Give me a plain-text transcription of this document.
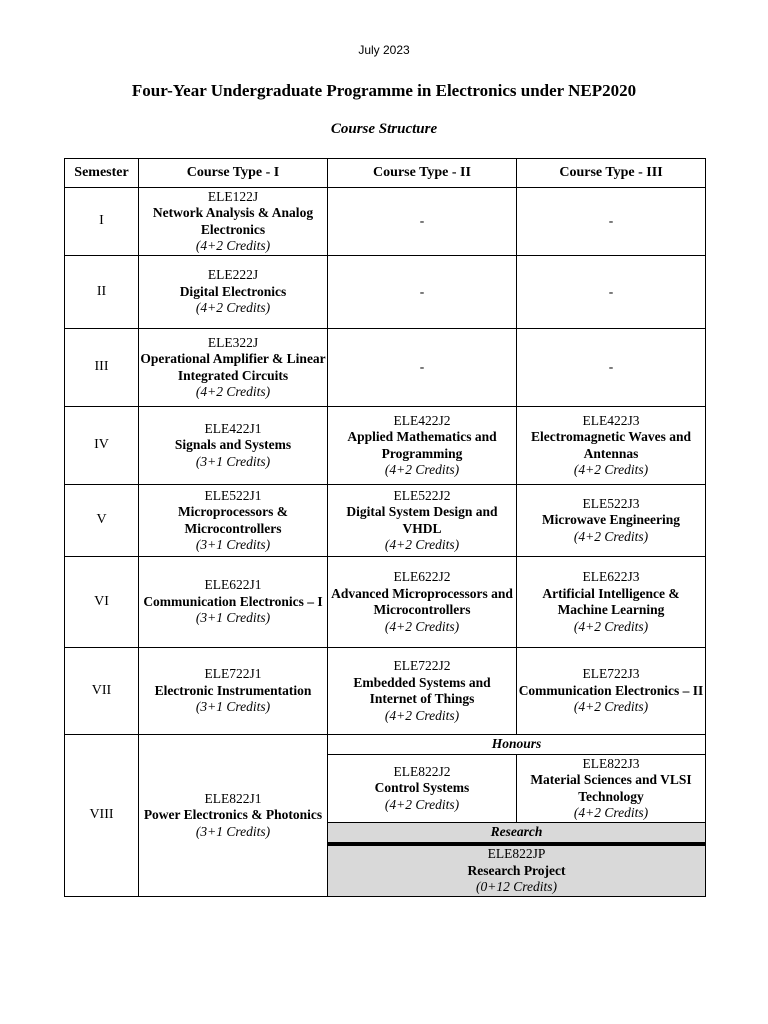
July 2023
Four-Year Undergraduate Programme in Electronics under NEP2020
Course Structure
Semester	Course Type - I	Course Type - II	Course Type - III
I	ELE122J
Network Analysis & Analog Electronics
(4+2 Credits)	-	-
II	ELE222J
Digital Electronics
(4+2 Credits)	-	-
III	ELE322J
Operational Amplifier & Linear Integrated Circuits
(4+2 Credits)	-	-
IV	ELE422J1
Signals and Systems
(3+1 Credits)	ELE422J2
Applied Mathematics and Programming
(4+2 Credits)	ELE422J3
Electromagnetic Waves and Antennas
(4+2 Credits)

V	ELE522J1
Microprocessors & Microcontrollers
(3+1 Credits)	ELE522J2
Digital System Design and VHDL
(4+2 Credits)	ELE522J3
Microwave Engineering
(4+2 Credits)

VI	ELE622J1
Communication Electronics – I
(3+1 Credits)	ELE622J2
Advanced Microprocessors and Microcontrollers
(4+2 Credits)	ELE622J3
Artificial Intelligence & Machine Learning
(4+2 Credits)

VII	ELE722J1
Electronic Instrumentation
(3+1 Credits)	ELE722J2
Embedded Systems and Internet of Things
(4+2 Credits)	ELE722J3
Communication Electronics – II
(4+2 Credits)

VIII	ELE822J1
Power Electronics & Photonics
(3+1 Credits)	Honours	

		ELE822J2
Control Systems
(4+2 Credits)	ELE822J3
Material Sciences and VLSI Technology
(4+2 Credits)

		Research	

		ELE822JP
Research Project
(0+12 Credits)	
